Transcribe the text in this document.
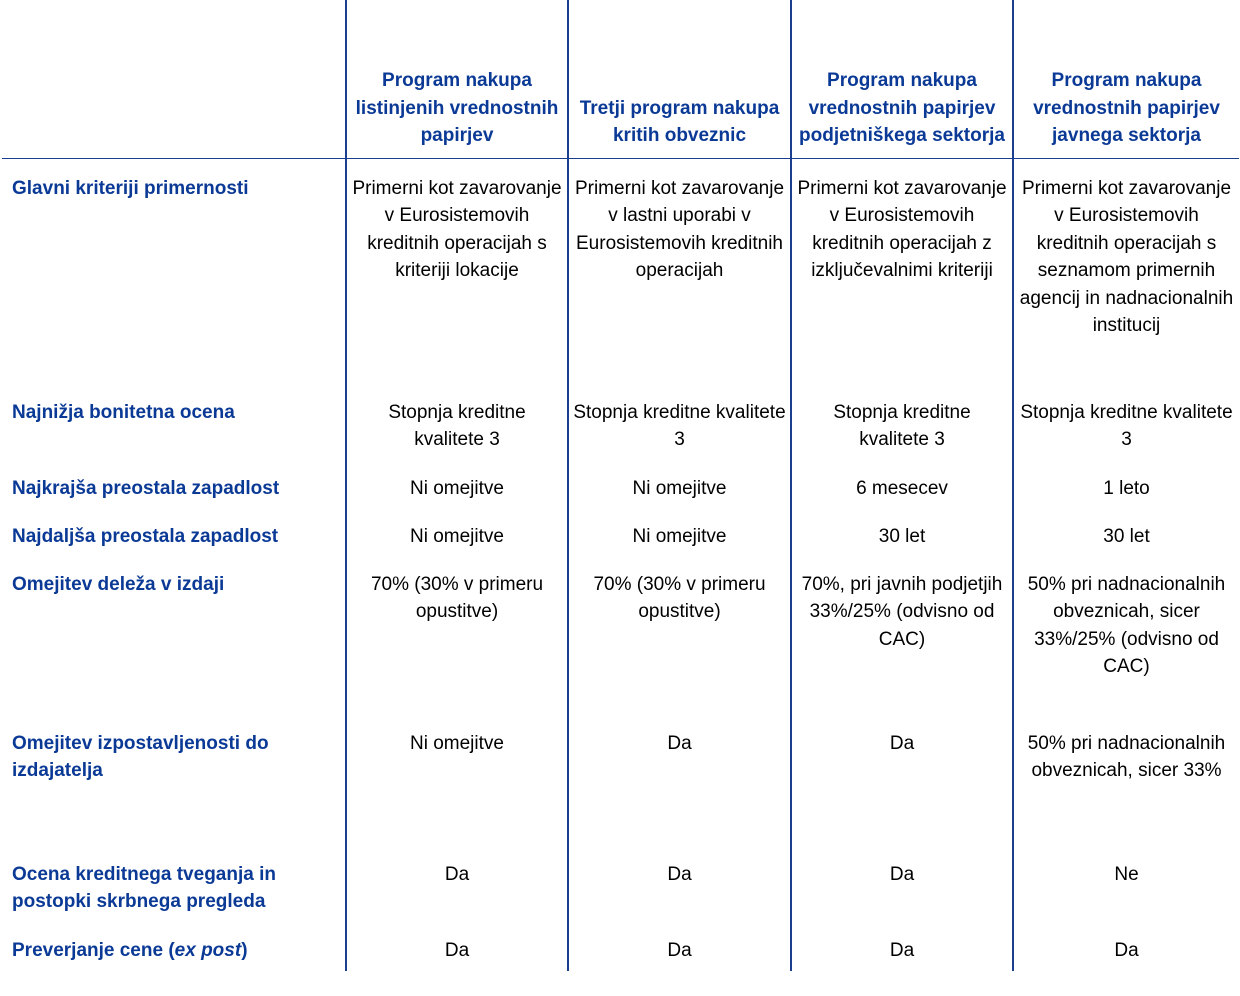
	Program nakupa listinjenih vrednostnih papirjev	Tretji program nakupa kritih obveznic	Program nakupa vrednostnih papirjev podjetniškega sektorja	Program nakupa vrednostnih papirjev javnega sektorja
Glavni kriteriji primernosti	Primerni kot zavarovanje v Eurosistemovih kreditnih operacijah s kriteriji lokacije	Primerni kot zavarovanje v lastni uporabi v Eurosistemovih kreditnih operacijah	Primerni kot zavarovanje v Eurosistemovih kreditnih operacijah z izključevalnimi kriteriji	Primerni kot zavarovanje v Eurosistemovih kreditnih operacijah s seznamom primernih agencij in nadnacionalnih institucij
Najnižja bonitetna ocena	Stopnja kreditne kvalitete 3	Stopnja kreditne kvalitete 3	Stopnja kreditne kvalitete 3	Stopnja kreditne kvalitete 3
Najkrajša preostala zapadlost	Ni omejitve	Ni omejitve	6 mesecev	1 leto
Najdaljša preostala zapadlost	Ni omejitve	Ni omejitve	30 let	30 let
Omejitev deleža v izdaji	70% (30% v primeru opustitve)	70% (30% v primeru opustitve)	70%, pri javnih podjetjih 33%/25% (odvisno od CAC)	50% pri nadnacionalnih obveznicah, sicer 33%/25% (odvisno od CAC)
Omejitev izpostavljenosti do izdajatelja	Ni omejitve	Da	Da	50% pri nadnacionalnih obveznicah, sicer 33%
Ocena kreditnega tveganja in postopki skrbnega pregleda	Da	Da	Da	Ne
Preverjanje cene (ex post)	Da	Da	Da	Da
